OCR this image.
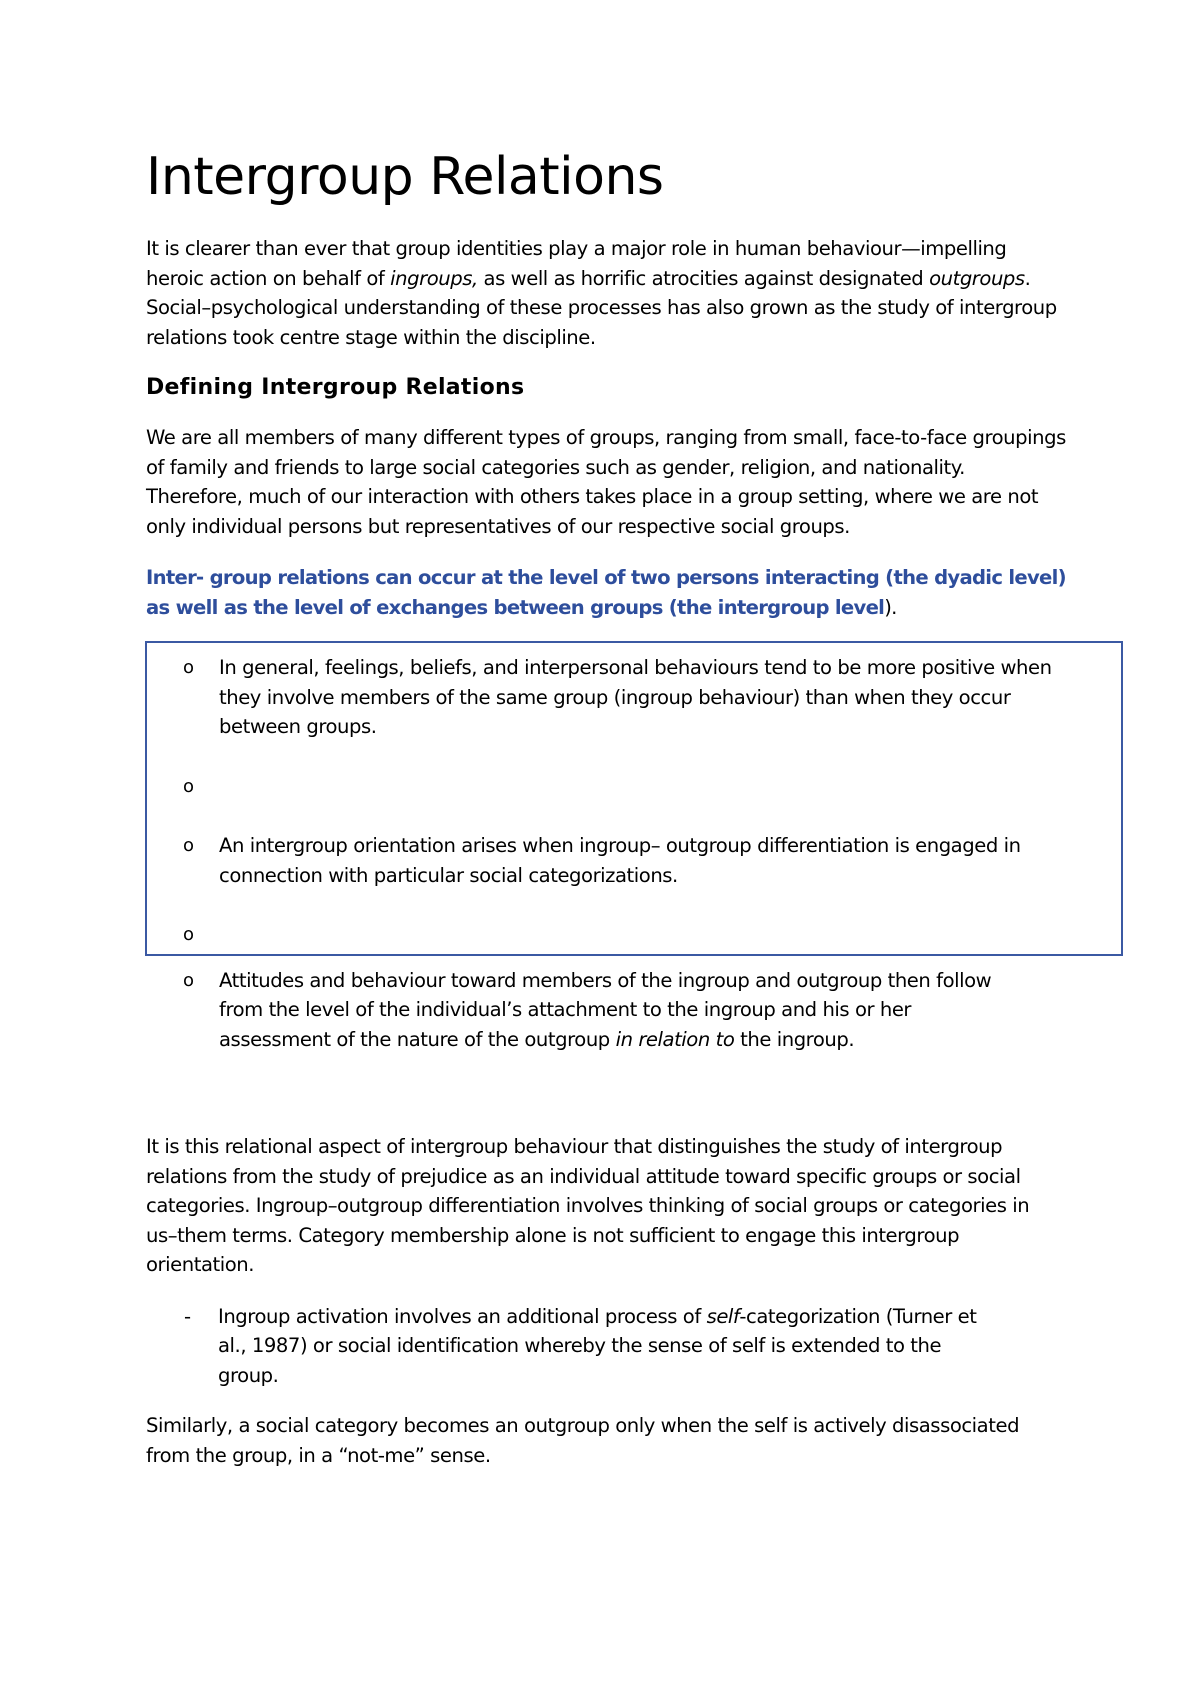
Intergroup Relations

It is clearer than ever that group identities play a major role in human behaviour—impelling heroic action on behalf of ingroups, as well as horrific atrocities against designated outgroups. Social–psychological understanding of these processes has also grown as the study of intergroup relations took centre stage within the discipline.

Defining Intergroup Relations

We are all members of many different types of groups, ranging from small, face-to-face groupings of family and friends to large social categories such as gender, religion, and nationality. Therefore, much of our interaction with others takes place in a group setting, where we are not only individual persons but representatives of our respective social groups.

Inter- group relations can occur at the level of two persons interacting (the dyadic level) as well as the level of exchanges between groups (the intergroup level).

o In general, feelings, beliefs, and interpersonal behaviours tend to be more positive when they involve members of the same group (ingroup behaviour) than when they occur between groups.
o
o An intergroup orientation arises when ingroup– outgroup differentiation is engaged in connection with particular social categorizations.
o
o Attitudes and behaviour toward members of the ingroup and outgroup then follow from the level of the individual’s attachment to the ingroup and his or her assessment of the nature of the outgroup in relation to the ingroup.

It is this relational aspect of intergroup behaviour that distinguishes the study of intergroup relations from the study of prejudice as an individual attitude toward specific groups or social categories. Ingroup–outgroup differentiation involves thinking of social groups or categories in us–them terms. Category membership alone is not sufficient to engage this intergroup orientation.

- Ingroup activation involves an additional process of self-categorization (Turner et al., 1987) or social identification whereby the sense of self is extended to the group.

Similarly, a social category becomes an outgroup only when the self is actively disassociated from the group, in a “not-me” sense.
